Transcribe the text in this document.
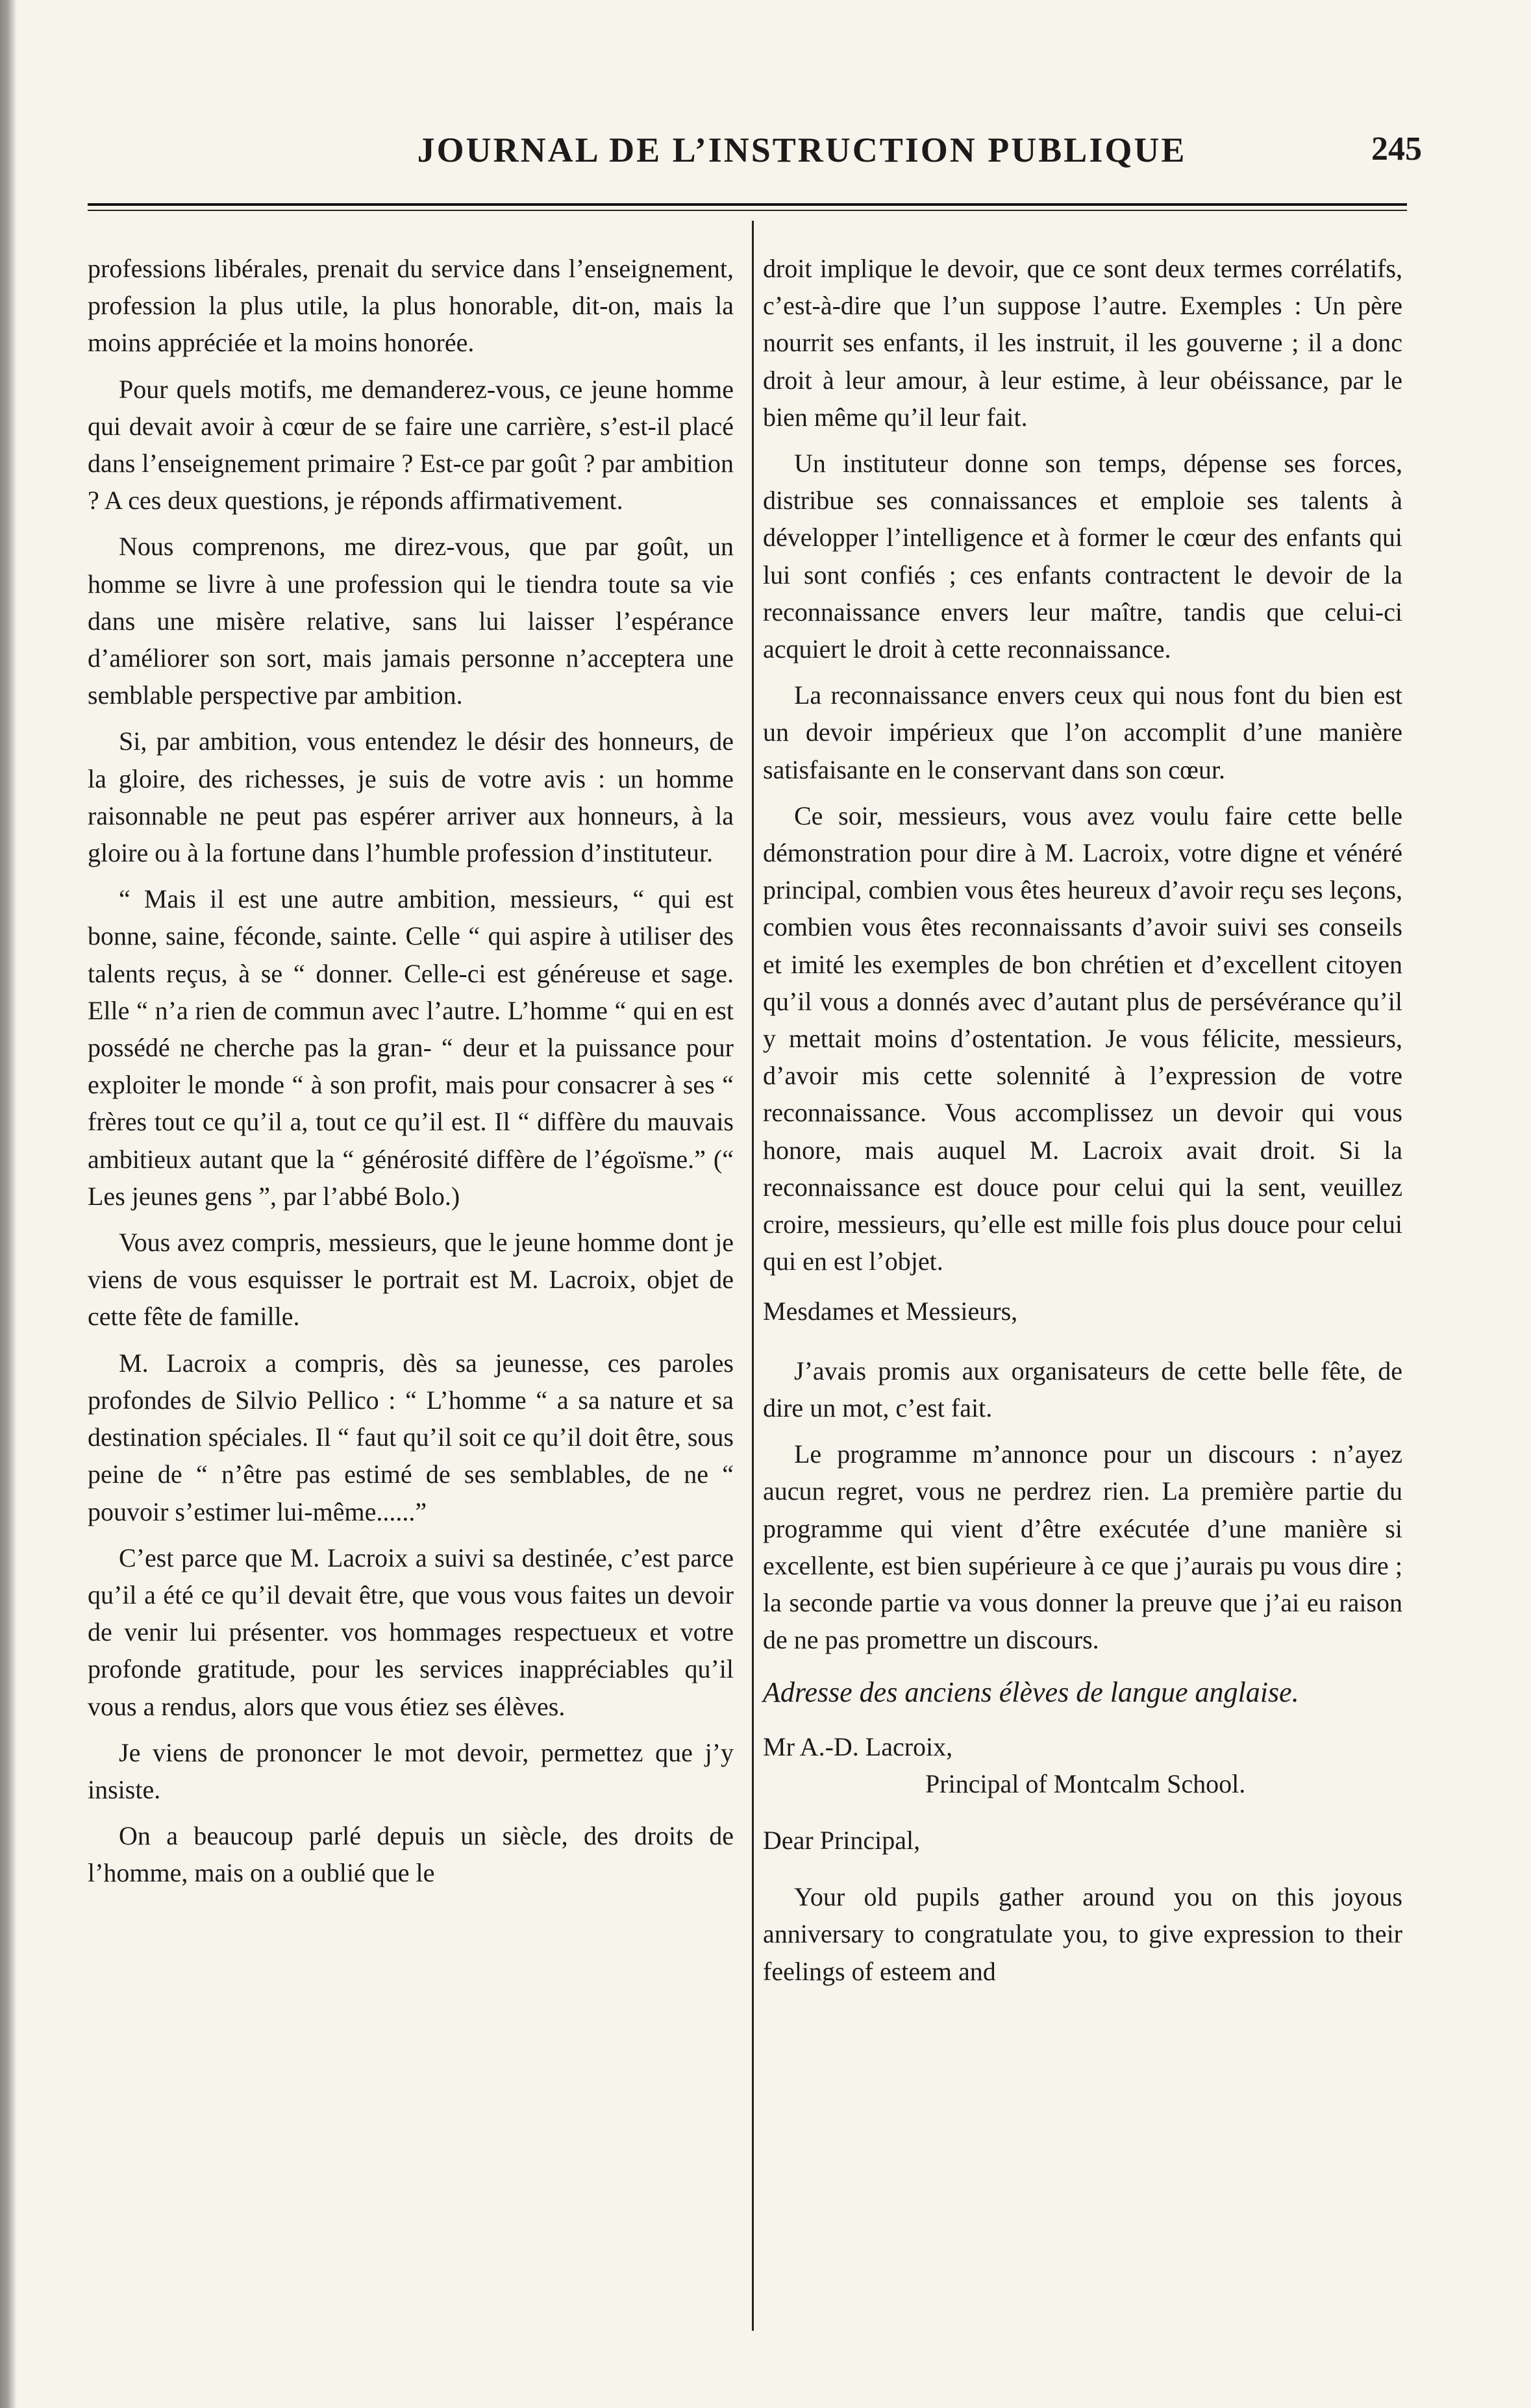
JOURNAL DE L’INSTRUCTION PUBLIQUE	245

professions libérales, prenait du service dans l’enseignement, profession la plus utile, la plus honorable, dit-on, mais la moins appréciée et la moins honorée.

Pour quels motifs, me demanderez-vous, ce jeune homme qui devait avoir à cœur de se faire une carrière, s’est-il placé dans l’enseignement primaire ? Est-ce par goût ? par ambition ? A ces deux questions, je réponds affirmativement.

Nous comprenons, me direz-vous, que par goût, un homme se livre à une profession qui le tiendra toute sa vie dans une misère relative, sans lui laisser l’espérance d’améliorer son sort, mais jamais personne n’acceptera une semblable perspective par ambition.

Si, par ambition, vous entendez le désir des honneurs, de la gloire, des richesses, je suis de votre avis : un homme raisonnable ne peut pas espérer arriver aux honneurs, à la gloire ou à la fortune dans l’humble profession d’instituteur.

“ Mais il est une autre ambition, messieurs, “ qui est bonne, saine, féconde, sainte. Celle “ qui aspire à utiliser des talents reçus, à se “ donner. Celle-ci est généreuse et sage. Elle “ n’a rien de commun avec l’autre. L’homme “ qui en est possédé ne cherche pas la gran- “ deur et la puissance pour exploiter le monde “ à son profit, mais pour consacrer à ses “ frères tout ce qu’il a, tout ce qu’il est. Il “ diffère du mauvais ambitieux autant que la “ générosité diffère de l’égoïsme.” (“ Les jeunes gens ”, par l’abbé Bolo.)

Vous avez compris, messieurs, que le jeune homme dont je viens de vous esquisser le portrait est M. Lacroix, objet de cette fête de famille.

M. Lacroix a compris, dès sa jeunesse, ces paroles profondes de Silvio Pellico : “ L’homme “ a sa nature et sa destination spéciales. Il “ faut qu’il soit ce qu’il doit être, sous peine de “ n’être pas estimé de ses semblables, de ne “ pouvoir s’estimer lui-même......”

C’est parce que M. Lacroix a suivi sa destinée, c’est parce qu’il a été ce qu’il devait être, que vous vous faites un devoir de venir lui présenter. vos hommages respectueux et votre profonde gratitude, pour les services inappréciables qu’il vous a rendus, alors que vous étiez ses élèves.

Je viens de prononcer le mot devoir, permettez que j’y insiste.

On a beaucoup parlé depuis un siècle, des droits de l’homme, mais on a oublié que le

droit implique le devoir, que ce sont deux termes corrélatifs, c’est-à-dire que l’un suppose l’autre. Exemples : Un père nourrit ses enfants, il les instruit, il les gouverne ; il a donc droit à leur amour, à leur estime, à leur obéissance, par le bien même qu’il leur fait.

Un instituteur donne son temps, dépense ses forces, distribue ses connaissances et emploie ses talents à développer l’intelligence et à former le cœur des enfants qui lui sont confiés ; ces enfants contractent le devoir de la reconnaissance envers leur maître, tandis que celui-ci acquiert le droit à cette reconnaissance.

La reconnaissance envers ceux qui nous font du bien est un devoir impérieux que l’on accomplit d’une manière satisfaisante en le conservant dans son cœur.

Ce soir, messieurs, vous avez voulu faire cette belle démonstration pour dire à M. Lacroix, votre digne et vénéré principal, combien vous êtes heureux d’avoir reçu ses leçons, combien vous êtes reconnaissants d’avoir suivi ses conseils et imité les exemples de bon chrétien et d’excellent citoyen qu’il vous a donnés avec d’autant plus de persévérance qu’il y mettait moins d’ostentation. Je vous félicite, messieurs, d’avoir mis cette solennité à l’expression de votre reconnaissance. Vous accomplissez un devoir qui vous honore, mais auquel M. Lacroix avait droit. Si la reconnaissance est douce pour celui qui la sent, veuillez croire, messieurs, qu’elle est mille fois plus douce pour celui qui en est l’objet.

Mesdames et Messieurs,

J’avais promis aux organisateurs de cette belle fête, de dire un mot, c’est fait.

Le programme m’annonce pour un discours : n’ayez aucun regret, vous ne perdrez rien. La première partie du programme qui vient d’être exécutée d’une manière si excellente, est bien supérieure à ce que j’aurais pu vous dire ; la seconde partie va vous donner la preuve que j’ai eu raison de ne pas promettre un discours.

Adresse des anciens élèves de langue anglaise.

Mr A.-D. Lacroix,

Principal of Montcalm School.

Dear Principal,

Your old pupils gather around you on this joyous anniversary to congratulate you, to give expression to their feelings of esteem and
